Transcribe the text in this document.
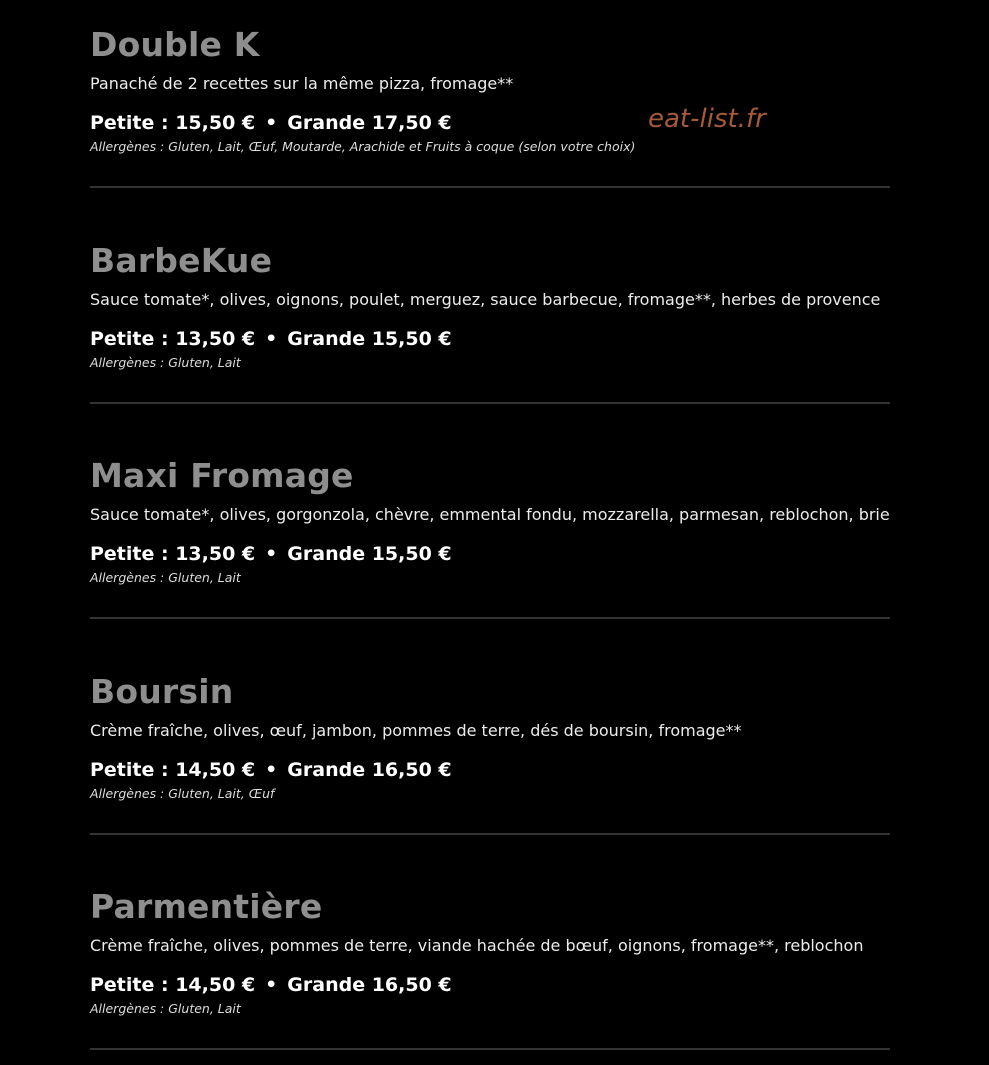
Double K
Panaché de 2 recettes sur la même pizza, fromage**
Petite : 15,50 € • Grande 17,50 €
Allergènes : Gluten, Lait, Œuf, Moutarde, Arachide et Fruits à coque (selon votre choix)
BarbeKue
Sauce tomate*, olives, oignons, poulet, merguez, sauce barbecue, fromage**, herbes de provence
Petite : 13,50 € • Grande 15,50 €
Allergènes : Gluten, Lait
Maxi Fromage
Sauce tomate*, olives, gorgonzola, chèvre, emmental fondu, mozzarella, parmesan, reblochon, brie
Petite : 13,50 € • Grande 15,50 €
Allergènes : Gluten, Lait
Boursin
Crème fraîche, olives, œuf, jambon, pommes de terre, dés de boursin, fromage**
Petite : 14,50 € • Grande 16,50 €
Allergènes : Gluten, Lait, Œuf
Parmentière
Crème fraîche, olives, pommes de terre, viande hachée de bœuf, oignons, fromage**, reblochon
Petite : 14,50 € • Grande 16,50 €
Allergènes : Gluten, Lait
eat-list.fr
